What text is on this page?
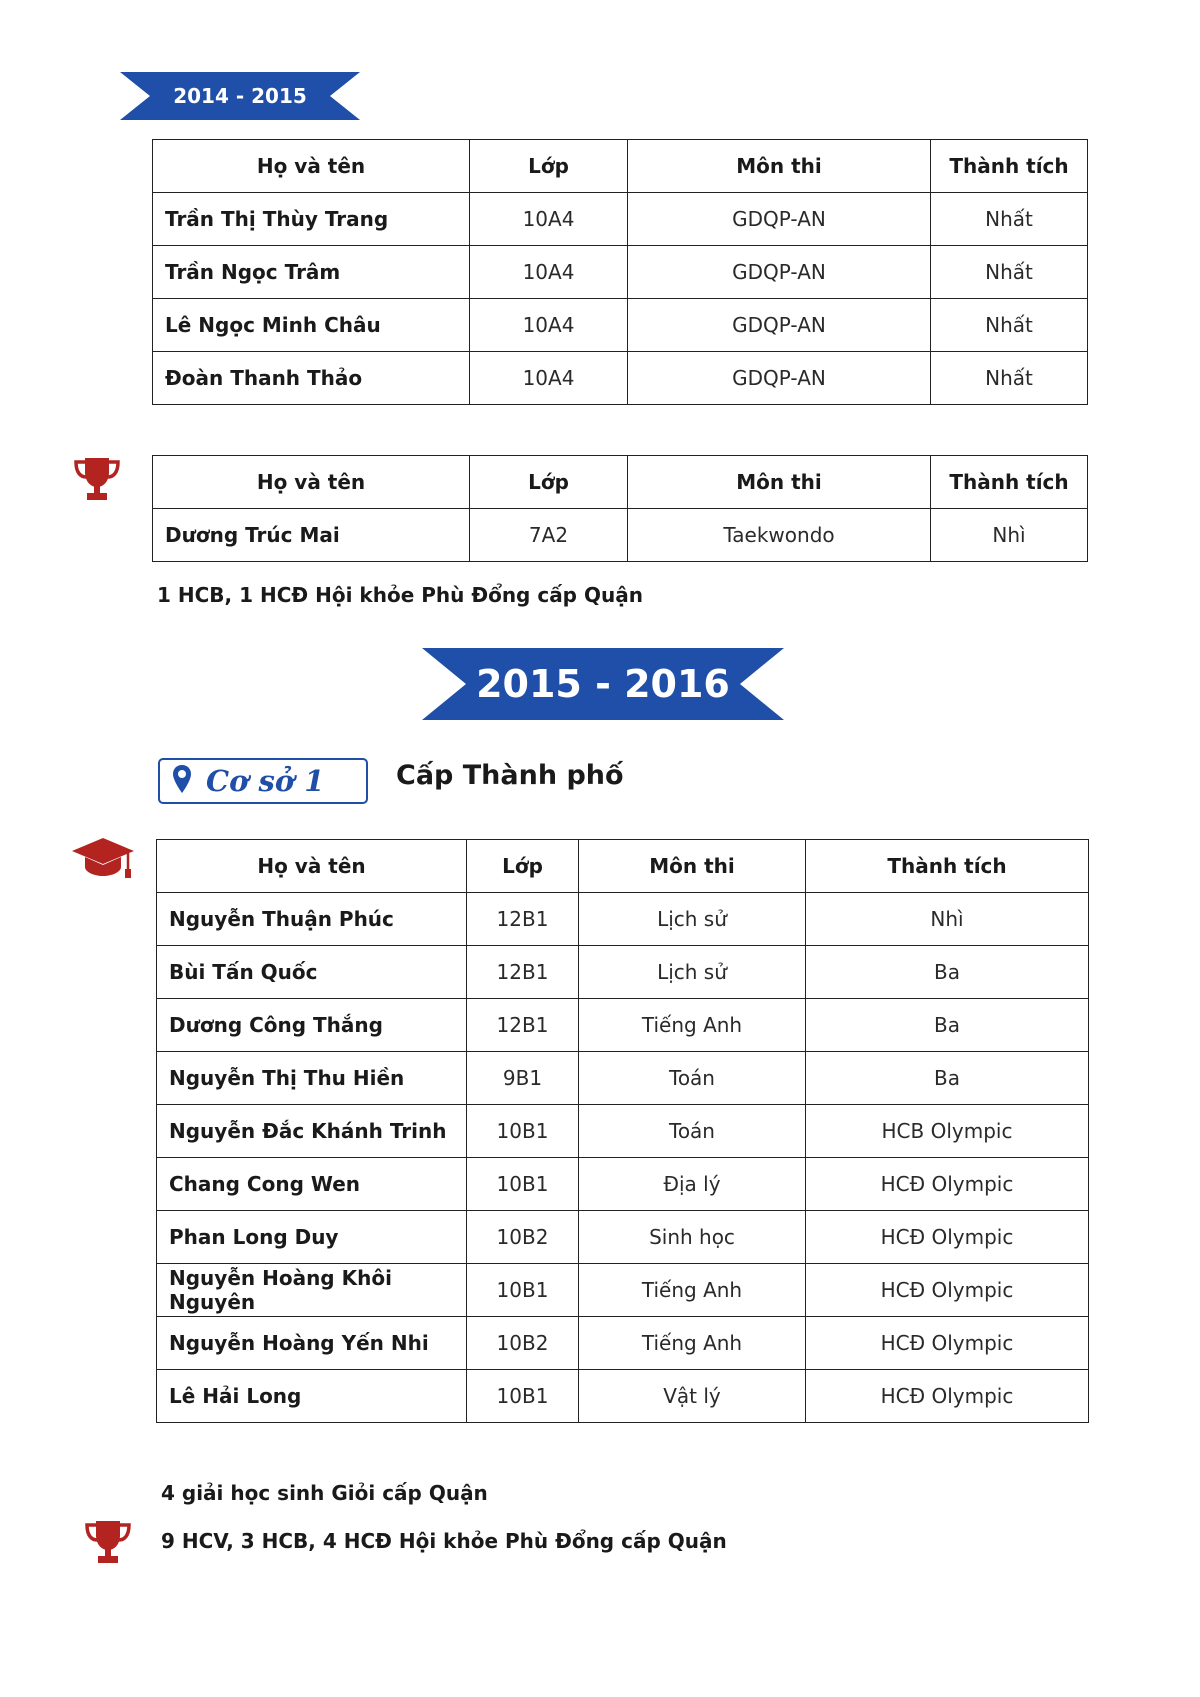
2014 - 2015
Họ và tên	Lớp	Môn thi	Thành tích
Trần Thị Thùy Trang	10A4	GDQP-AN	Nhất
Trần Ngọc Trâm	10A4	GDQP-AN	Nhất
Lê Ngọc Minh Châu	10A4	GDQP-AN	Nhất
Đoàn Thanh Thảo	10A4	GDQP-AN	Nhất
Họ và tên	Lớp	Môn thi	Thành tích
Dương Trúc Mai	7A2	Taekwondo	Nhì
1 HCB, 1 HCĐ Hội khỏe Phù Đổng cấp Quận
2015 - 2016
Cơ sở 1	Cấp Thành phố
Họ và tên	Lớp	Môn thi	Thành tích
Nguyễn Thuận Phúc	12B1	Lịch sử	Nhì
Bùi Tấn Quốc	12B1	Lịch sử	Ba
Dương Công Thắng	12B1	Tiếng Anh	Ba
Nguyễn Thị Thu Hiền	9B1	Toán	Ba
Nguyễn Đắc Khánh Trinh	10B1	Toán	HCB Olympic
Chang Cong Wen	10B1	Địa lý	HCĐ Olympic
Phan Long Duy	10B2	Sinh học	HCĐ Olympic
Nguyễn Hoàng Khôi Nguyên	10B1	Tiếng Anh	HCĐ Olympic
Nguyễn Hoàng Yến Nhi	10B2	Tiếng Anh	HCĐ Olympic
Lê Hải Long	10B1	Vật lý	HCĐ Olympic
4 giải học sinh Giỏi cấp Quận
9 HCV, 3 HCB, 4 HCĐ Hội khỏe Phù Đổng cấp Quận
